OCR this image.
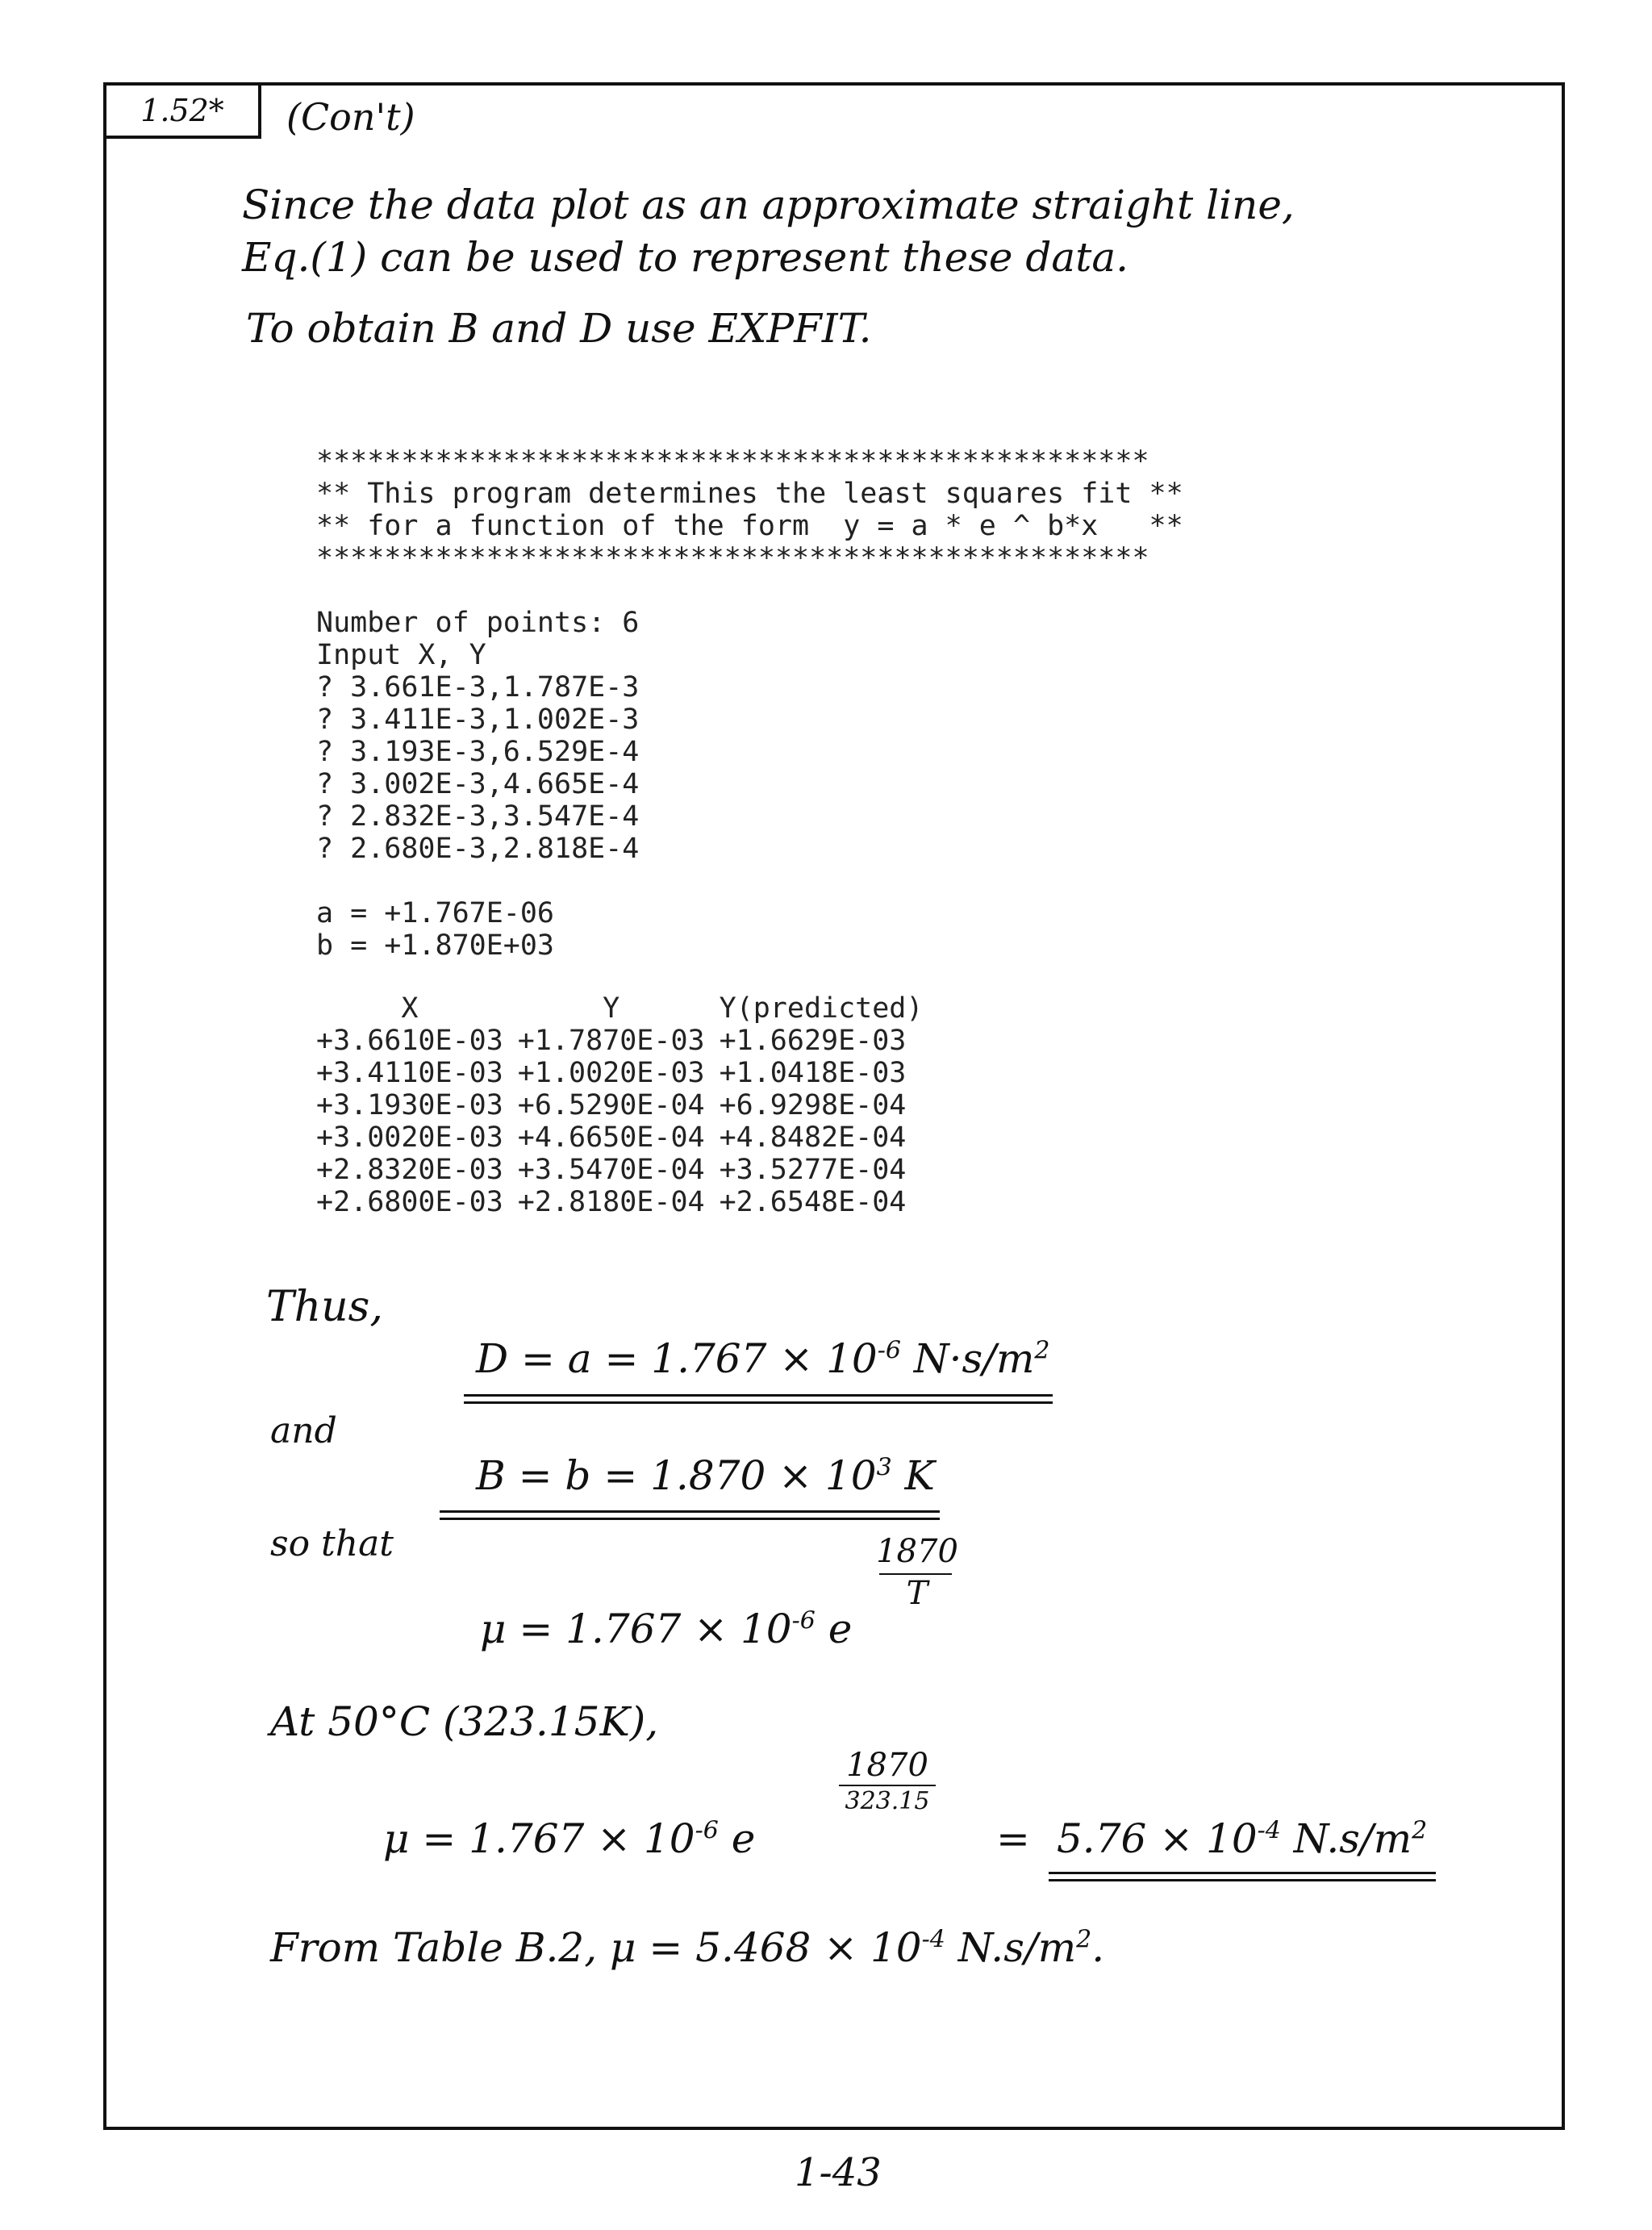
1.52* (Con't)
Since the data plot as an approximate straight line,
Eq.(1) can be used to represent these data.
To obtain B and D use EXPFIT.
*************************************************
** This program determines the least squares fit **
** for a function of the form  y = a * e ^ b*x   **
*************************************************
Number of points: 6
Input X, Y
? 3.661E-3,1.787E-3
? 3.411E-3,1.002E-3
? 3.193E-3,6.529E-4
? 3.002E-3,4.665E-4
? 2.832E-3,3.547E-4
? 2.680E-3,2.818E-4
a = +1.767E-06
b = +1.870E+03
X	Y	Y(predicted)
+3.6610E-03	+1.7870E-03	+1.6629E-03
+3.4110E-03	+1.0020E-03	+1.0418E-03
+3.1930E-03	+6.5290E-04	+6.9298E-04
+3.0020E-03	+4.6650E-04	+4.8482E-04
+2.8320E-03	+3.5470E-04	+3.5277E-04
+2.6800E-03	+2.8180E-04	+2.6548E-04
Thus,
$D = a = 1.767 \times 10^{-6}$ $N\cdot s/m^2$
and
$B = b = 1.870 \times 10^3$ K
so that
$\mu = 1.767 \times 10^{-6}$ e
1870
T
At 50°C (323.15K),
$\mu = 1.767 \times 10^{-6}$ e
1870
323.15
= $5.76 \times 10^{-4}$ $N.s/m^2$
From Table B.2, $\mu = 5.468 \times 10^{-4}$ $N.s/m^2$.
1-43
